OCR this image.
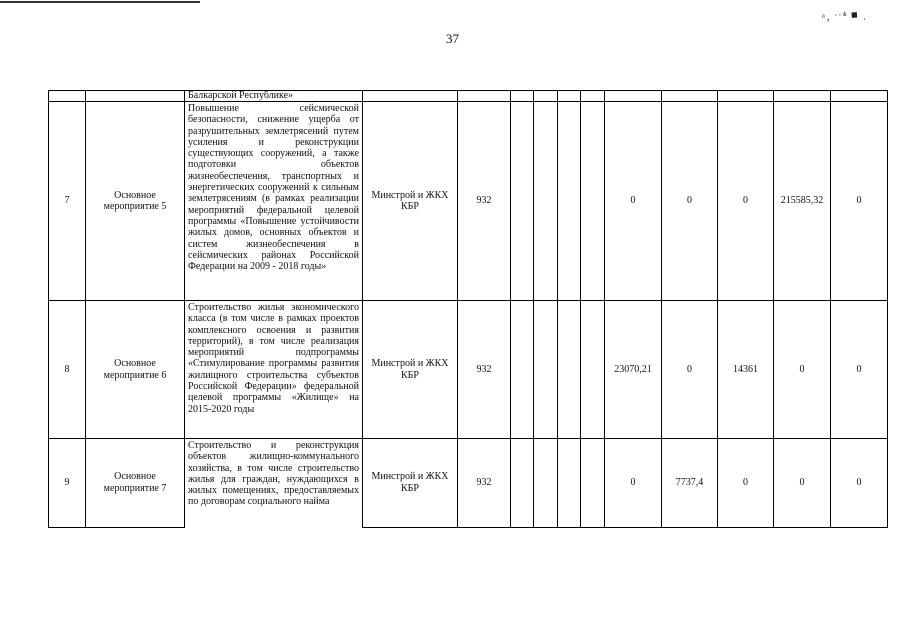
ᵃ‚ ˑˑ⁴ ■ ˌ
37
		Балкарской Республике»											
7	Основное мероприятие 5	Повышение сейсмической безопасности, снижение ущерба от разрушительных землетрясений путем усиления и реконструкции существующих сооружений, а также подготовки объектов жизнеобеспечения, транспортных и энергетических сооружений к сильным землетрясениям (в рамках реализации мероприятий федеральной целевой программы «Повышение устойчивости жилых домов, основных объектов и систем жизнеобеспечения в сейсмических районах Российской Федерации на 2009 - 2018 годы»	Минстрой и ЖКХ КБР	932					0	0	0	215585,32	0
8	Основное мероприятие 6	Строительство жилья экономического класса (в том числе в рамках проектов комплексного освоения и развития территорий), в том числе реализация мероприятий подпрограммы «Стимулирование программы развития жилищного строительства субъектов Российской Федерации» федеральной целевой программы «Жилище» на 2015-2020 годы	Минстрой и ЖКХ КБР	932					23070,21	0	14361	0	0
9	Основное мероприятие 7	Строительство и реконструкция объектов жилищно-коммунального хозяйства, в том числе строительство жилья для граждан, нуждающихся в жилых помещениях, предоставляемых по договорам социального найма	Минстрой и ЖКХ КБР	932					0	7737,4	0	0	0
